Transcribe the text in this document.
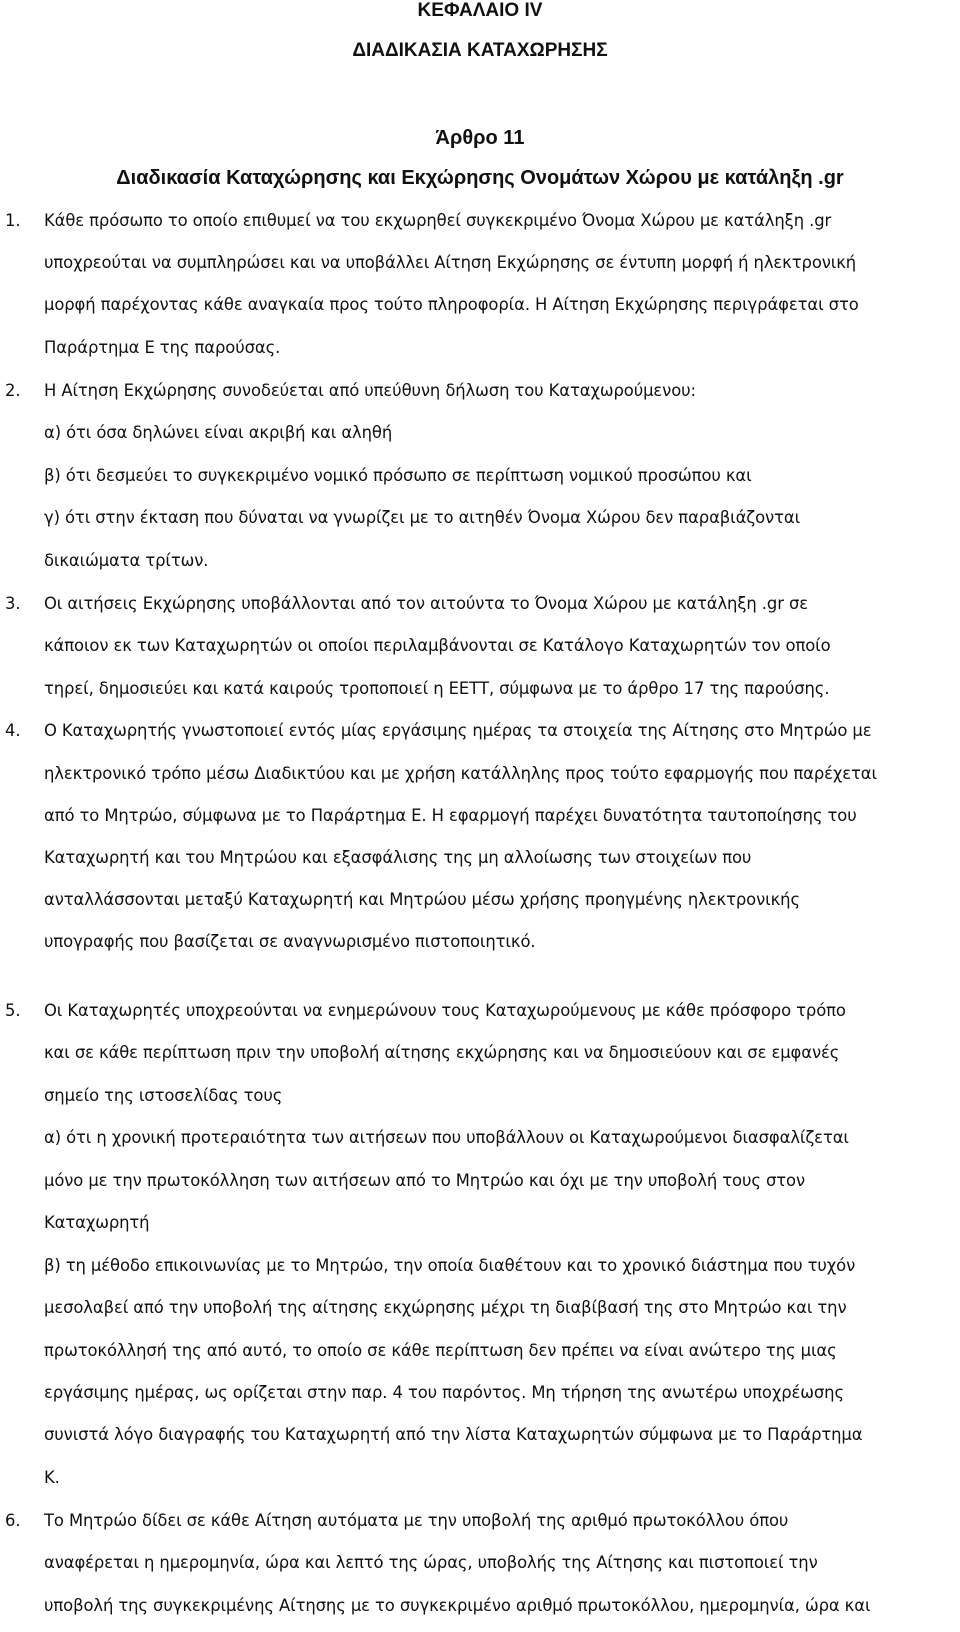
ΚΕΦΑΛΑΙΟ IV
ΔΙΑΔΙΚΑΣΙΑ ΚΑΤΑΧΩΡΗΣΗΣ
Άρθρο 11
Διαδικασία Καταχώρησης και Εκχώρησης Ονομάτων Χώρου με κατάληξη .gr
1. Κάθε πρόσωπο το οποίο επιθυμεί να του εκχωρηθεί συγκεκριμένο Όνομα Χώρου με κατάληξη .gr
υποχρεούται να συμπληρώσει και να υποβάλλει Αίτηση Εκχώρησης σε έντυπη μορφή ή ηλεκτρονική
μορφή παρέχοντας κάθε αναγκαία προς τούτο πληροφορία. Η Αίτηση Εκχώρησης περιγράφεται στο
Παράρτημα Ε της παρούσας.
2. Η Αίτηση Εκχώρησης συνοδεύεται από υπεύθυνη δήλωση του Καταχωρούμενου:
α) ότι όσα δηλώνει είναι ακριβή και αληθή
β) ότι δεσμεύει το συγκεκριμένο νομικό πρόσωπο σε περίπτωση νομικού προσώπου και
γ) ότι στην έκταση που δύναται να γνωρίζει με το αιτηθέν Όνομα Χώρου δεν παραβιάζονται
δικαιώματα τρίτων.
3. Οι αιτήσεις Εκχώρησης υποβάλλονται από τον αιτούντα το Όνομα Χώρου με κατάληξη .gr σε
κάποιον εκ των Καταχωρητών οι οποίοι περιλαμβάνονται σε Κατάλογο Καταχωρητών τον οποίο
τηρεί, δημοσιεύει και κατά καιρούς τροποποιεί η ΕΕΤΤ, σύμφωνα με το άρθρο 17 της παρούσης.
4. Ο Καταχωρητής γνωστοποιεί εντός μίας εργάσιμης ημέρας τα στοιχεία της Αίτησης στο Μητρώο με
ηλεκτρονικό τρόπο μέσω Διαδικτύου και με χρήση κατάλληλης προς τούτο εφαρμογής που παρέχεται
από το Μητρώο, σύμφωνα με το Παράρτημα Ε. Η εφαρμογή παρέχει δυνατότητα ταυτοποίησης του
Καταχωρητή και του Μητρώου και εξασφάλισης της μη αλλοίωσης των στοιχείων που
ανταλλάσσονται μεταξύ Καταχωρητή και Μητρώου μέσω χρήσης προηγμένης ηλεκτρονικής
υπογραφής που βασίζεται σε αναγνωρισμένο πιστοποιητικό.
5. Οι Καταχωρητές υποχρεούνται να ενημερώνουν τους Καταχωρούμενους με κάθε πρόσφορο τρόπο
και σε κάθε περίπτωση πριν την υποβολή αίτησης εκχώρησης και να δημοσιεύουν και σε εμφανές
σημείο της ιστοσελίδας τους
α) ότι η χρονική προτεραιότητα των αιτήσεων που υποβάλλουν οι Καταχωρούμενοι διασφαλίζεται
μόνο με την πρωτοκόλληση των αιτήσεων από το Μητρώο και όχι με την υποβολή τους στον
Καταχωρητή
β) τη μέθοδο επικοινωνίας με το Μητρώο, την οποία διαθέτουν και το χρονικό διάστημα που τυχόν
μεσολαβεί από την υποβολή της αίτησης εκχώρησης μέχρι τη διαβίβασή της στο Μητρώο και την
πρωτοκόλλησή της από αυτό, το οποίο σε κάθε περίπτωση δεν πρέπει να είναι ανώτερο της μιας
εργάσιμης ημέρας, ως ορίζεται στην παρ. 4 του παρόντος. Μη τήρηση της ανωτέρω υποχρέωσης
συνιστά λόγο διαγραφής του Καταχωρητή από την λίστα Καταχωρητών σύμφωνα με το Παράρτημα
Κ.
6. Το Μητρώο δίδει σε κάθε Αίτηση αυτόματα με την υποβολή της αριθμό πρωτοκόλλου όπου
αναφέρεται η ημερομηνία, ώρα και λεπτό της ώρας, υποβολής της Αίτησης και πιστοποιεί την
υποβολή της συγκεκριμένης Αίτησης με το συγκεκριμένο αριθμό πρωτοκόλλου, ημερομηνία, ώρα και
